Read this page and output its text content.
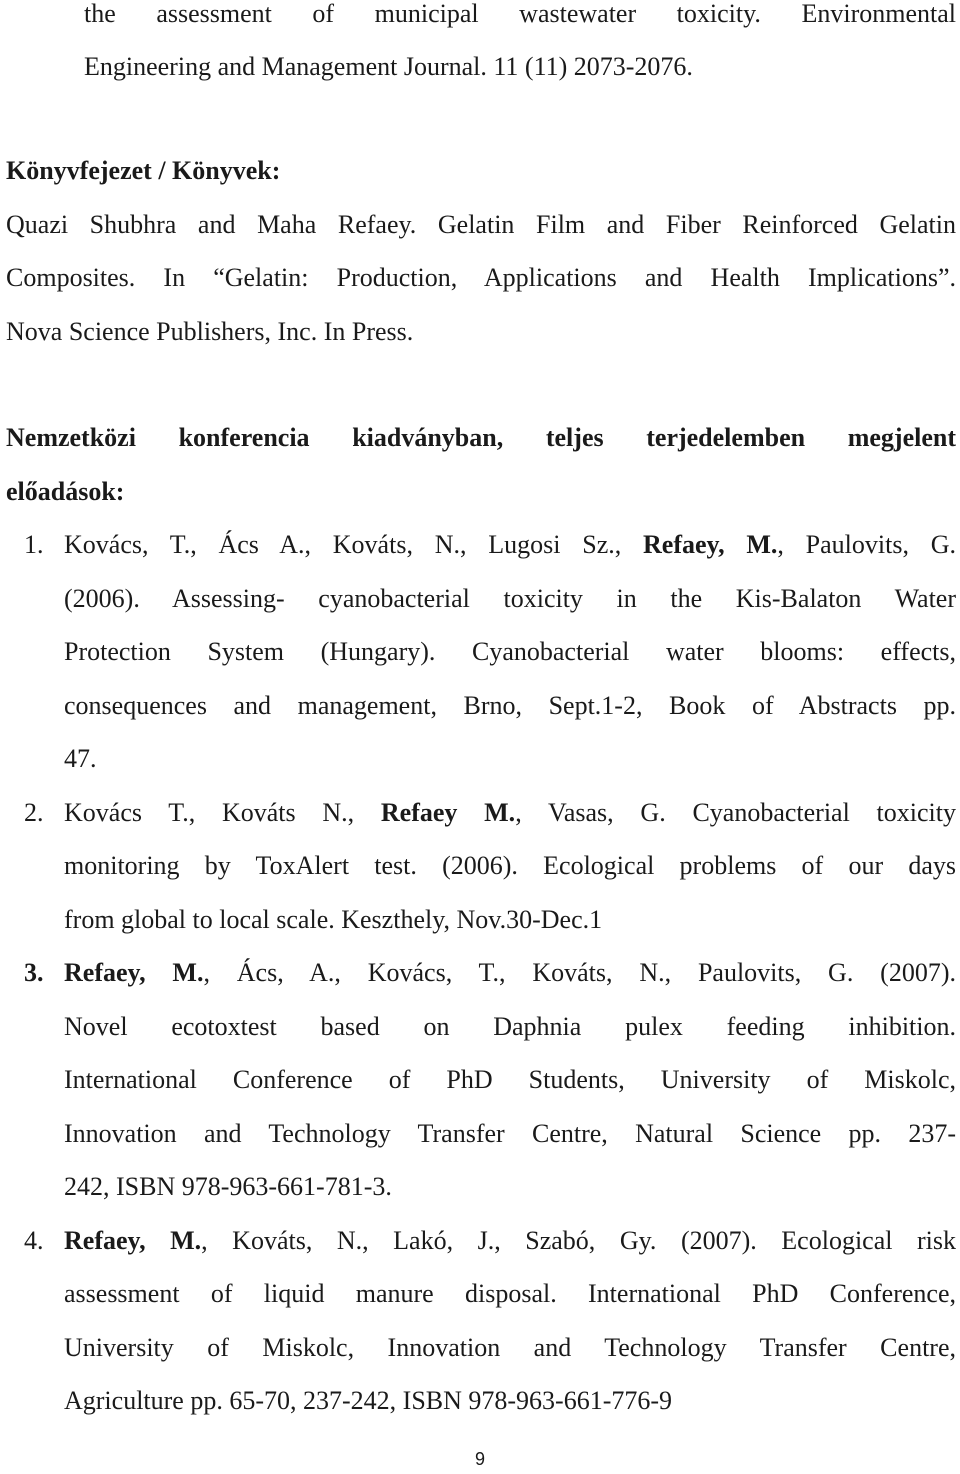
the assessment of municipal wastewater toxicity. Environmental
Engineering and Management Journal. 11 (11) 2073-2076.
Könyvfejezet / Könyvek:
Quazi Shubhra and Maha Refaey. Gelatin Film and Fiber Reinforced Gelatin
Composites. In “Gelatin: Production, Applications and Health Implications”.
Nova Science Publishers, Inc. In Press.
Nemzetközi konferencia kiadványban, teljes terjedelemben megjelent
előadások:
1. Kovács, T., Ács A., Kováts, N., Lugosi Sz., Refaey, M., Paulovits, G.
(2006). Assessing- cyanobacterial toxicity in the Kis-Balaton Water
Protection System (Hungary). Cyanobacterial water blooms: effects,
consequences and management, Brno, Sept.1-2, Book of Abstracts pp.
47.
2. Kovács T., Kováts N., Refaey M., Vasas, G. Cyanobacterial toxicity
monitoring by ToxAlert test. (2006). Ecological problems of our days
from global to local scale. Keszthely, Nov.30-Dec.1
3. Refaey, M., Ács, A., Kovács, T., Kováts, N., Paulovits, G. (2007).
Novel ecotoxtest based on Daphnia pulex feeding inhibition.
International Conference of PhD Students, University of Miskolc,
Innovation and Technology Transfer Centre, Natural Science pp. 237-
242, ISBN 978-963-661-781-3.
4. Refaey, M., Kováts, N., Lakó, J., Szabó, Gy. (2007). Ecological risk
assessment of liquid manure disposal. International PhD Conference,
University of Miskolc, Innovation and Technology Transfer Centre,
Agriculture pp. 65-70, 237-242, ISBN 978-963-661-776-9
9
